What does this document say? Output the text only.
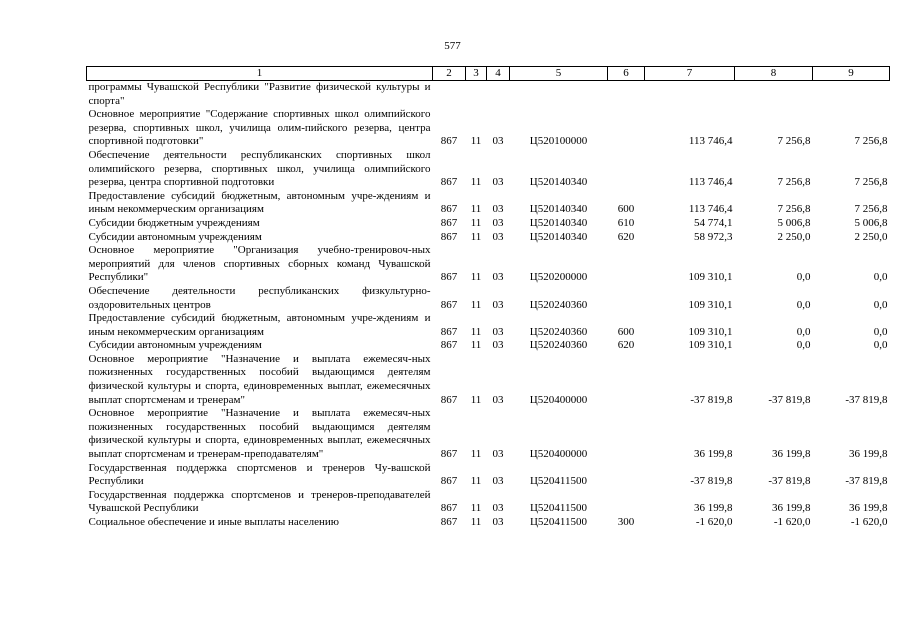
577
1	2	3	4	5	6	7	8	9
программы Чувашской Республики "Развитие физической культуры и спорта"								
Основное мероприятие "Содержание спортивных школ олимпийского резерва, спортивных школ, училища олим-пийского резерва, центра спортивной подготовки"	867	11	03	Ц520100000		113 746,4	7 256,8	7 256,8
Обеспечение деятельности республиканских спортивных школ олимпийского резерва, спортивных школ, училища олимпийского резерва, центра спортивной подготовки	867	11	03	Ц520140340		113 746,4	7 256,8	7 256,8
Предоставление субсидий бюджетным, автономным учре-ждениям и иным некоммерческим организациям	867	11	03	Ц520140340	600	113 746,4	7 256,8	7 256,8
Субсидии бюджетным учреждениям	867	11	03	Ц520140340	610	54 774,1	5 006,8	5 006,8
Субсидии автономным учреждениям	867	11	03	Ц520140340	620	58 972,3	2 250,0	2 250,0
Основное мероприятие "Организация учебно-тренировоч-ных мероприятий для членов спортивных сборных команд Чувашской Республики"	867	11	03	Ц520200000		109 310,1	0,0	0,0
Обеспечение деятельности республиканских физкультурно-оздоровительных центров	867	11	03	Ц520240360		109 310,1	0,0	0,0
Предоставление субсидий бюджетным, автономным учре-ждениям и иным некоммерческим организациям	867	11	03	Ц520240360	600	109 310,1	0,0	0,0
Субсидии автономным учреждениям	867	11	03	Ц520240360	620	109 310,1	0,0	0,0
Основное мероприятие "Назначение и выплата ежемесяч-ных пожизненных государственных пособий выдающимся деятелям физической культуры и спорта, единовременных выплат, ежемесячных выплат спортсменам и тренерам"	867	11	03	Ц520400000		-37 819,8	-37 819,8	-37 819,8
Основное мероприятие "Назначение и выплата ежемесяч-ных пожизненных государственных пособий выдающимся деятелям физической культуры и спорта, единовременных выплат, ежемесячных выплат спортсменам и тренерам-преподавателям"	867	11	03	Ц520400000		36 199,8	36 199,8	36 199,8
Государственная поддержка спортсменов и тренеров Чу-вашской Республики	867	11	03	Ц520411500		-37 819,8	-37 819,8	-37 819,8
Государственная поддержка спортсменов и тренеров-преподавателей Чувашской Республики	867	11	03	Ц520411500		36 199,8	36 199,8	36 199,8
Социальное обеспечение и иные выплаты населению	867	11	03	Ц520411500	300	-1 620,0	-1 620,0	-1 620,0
